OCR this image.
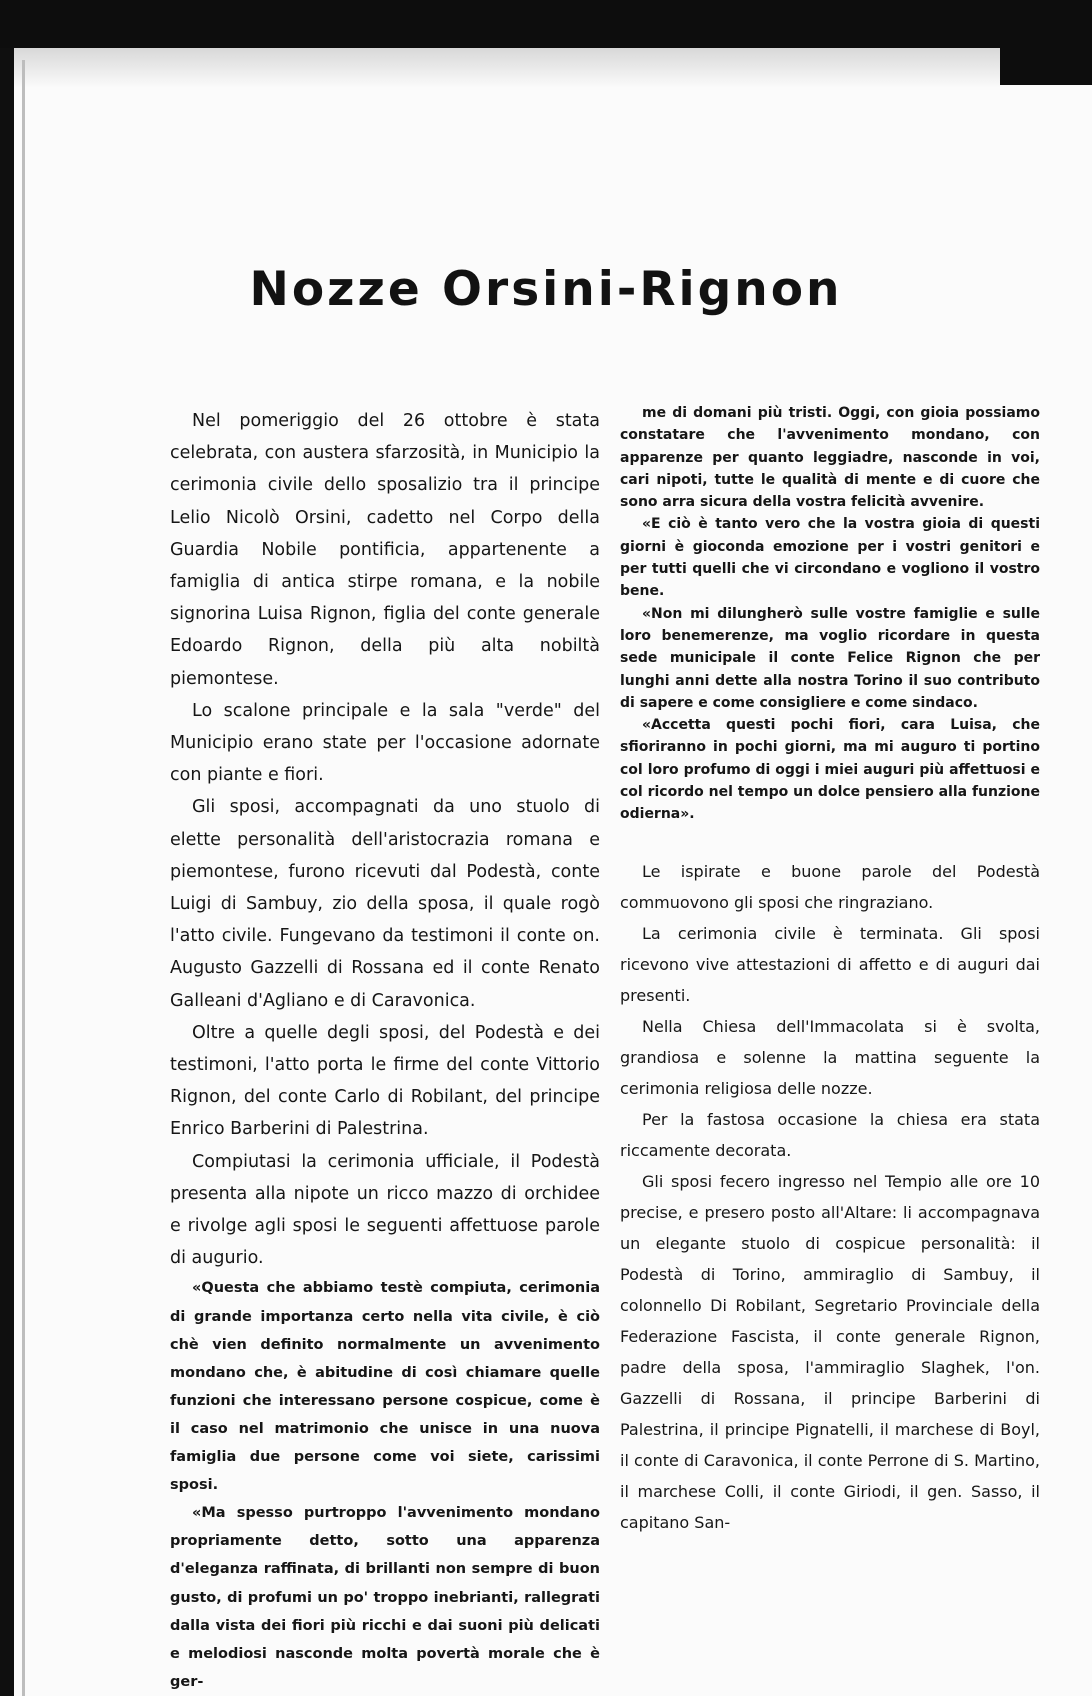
Nozze Orsini-Rignon

Nel pomeriggio del 26 ottobre è stata celebrata, con austera sfarzosità, in Municipio la cerimonia civile dello sposalizio tra il principe Lelio Nicolò Orsini, cadetto nel Corpo della Guardia Nobile pontificia, appartenente a famiglia di antica stirpe romana, e la nobile signorina Luisa Rignon, figlia del conte generale Edoardo Rignon, della più alta nobiltà piemontese.

Lo scalone principale e la sala "verde" del Municipio erano state per l'occasione adornate con piante e fiori.

Gli sposi, accompagnati da uno stuolo di elette personalità dell'aristocrazia romana e piemontese, furono ricevuti dal Podestà, conte Luigi di Sambuy, zio della sposa, il quale rogò l'atto civile. Fungevano da testimoni il conte on. Augusto Gazzelli di Rossana ed il conte Renato Galleani d'Agliano e di Caravonica.

Oltre a quelle degli sposi, del Podestà e dei testimoni, l'atto porta le firme del conte Vittorio Rignon, del conte Carlo di Robilant, del principe Enrico Barberini di Palestrina.

Compiutasi la cerimonia ufficiale, il Podestà presenta alla nipote un ricco mazzo di orchidee e rivolge agli sposi le seguenti affettuose parole di augurio.

«Questa che abbiamo testè compiuta, cerimonia di grande importanza certo nella vita civile, è ciò chè vien definito normalmente un avvenimento mondano che, è abitudine di così chiamare quelle funzioni che interessano persone cospicue, come è il caso nel matrimonio che unisce in una nuova famiglia due persone come voi siete, carissimi sposi.

«Ma spesso purtroppo l'avvenimento mondano propriamente detto, sotto una apparenza d'eleganza raffinata, di brillanti non sempre di buon gusto, di profumi un po' troppo inebrianti, rallegrati dalla vista dei fiori più ricchi e dai suoni più delicati e melodiosi nasconde molta povertà morale che è ger-

me di domani più tristi. Oggi, con gioia possiamo constatare che l'avvenimento mondano, con apparenze per quanto leggiadre, nasconde in voi, cari nipoti, tutte le qualità di mente e di cuore che sono arra sicura della vostra felicità avvenire.

«E ciò è tanto vero che la vostra gioia di questi giorni è gioconda emozione per i vostri genitori e per tutti quelli che vi circondano e vogliono il vostro bene.

«Non mi dilungherò sulle vostre famiglie e sulle loro benemerenze, ma voglio ricordare in questa sede municipale il conte Felice Rignon che per lunghi anni dette alla nostra Torino il suo contributo di sapere e come consigliere e come sindaco.

«Accetta questi pochi fiori, cara Luisa, che sfioriranno in pochi giorni, ma mi auguro ti portino col loro profumo di oggi i miei auguri più affettuosi e col ricordo nel tempo un dolce pensiero alla funzione odierna».

Le ispirate e buone parole del Podestà commuovono gli sposi che ringraziano.

La cerimonia civile è terminata. Gli sposi ricevono vive attestazioni di affetto e di auguri dai presenti.

Nella Chiesa dell'Immacolata si è svolta, grandiosa e solenne la mattina seguente la cerimonia religiosa delle nozze.

Per la fastosa occasione la chiesa era stata riccamente decorata.

Gli sposi fecero ingresso nel Tempio alle ore 10 precise, e presero posto all'Altare: li accompagnava un elegante stuolo di cospicue personalità: il Podestà di Torino, ammiraglio di Sambuy, il colonnello Di Robilant, Segretario Provinciale della Federazione Fascista, il conte generale Rignon, padre della sposa, l'ammiraglio Slaghek, l'on. Gazzelli di Rossana, il principe Barberini di Palestrina, il principe Pignatelli, il marchese di Boyl, il conte di Caravonica, il conte Perrone di S. Martino, il marchese Colli, il conte Giriodi, il gen. Sasso, il capitano San-
